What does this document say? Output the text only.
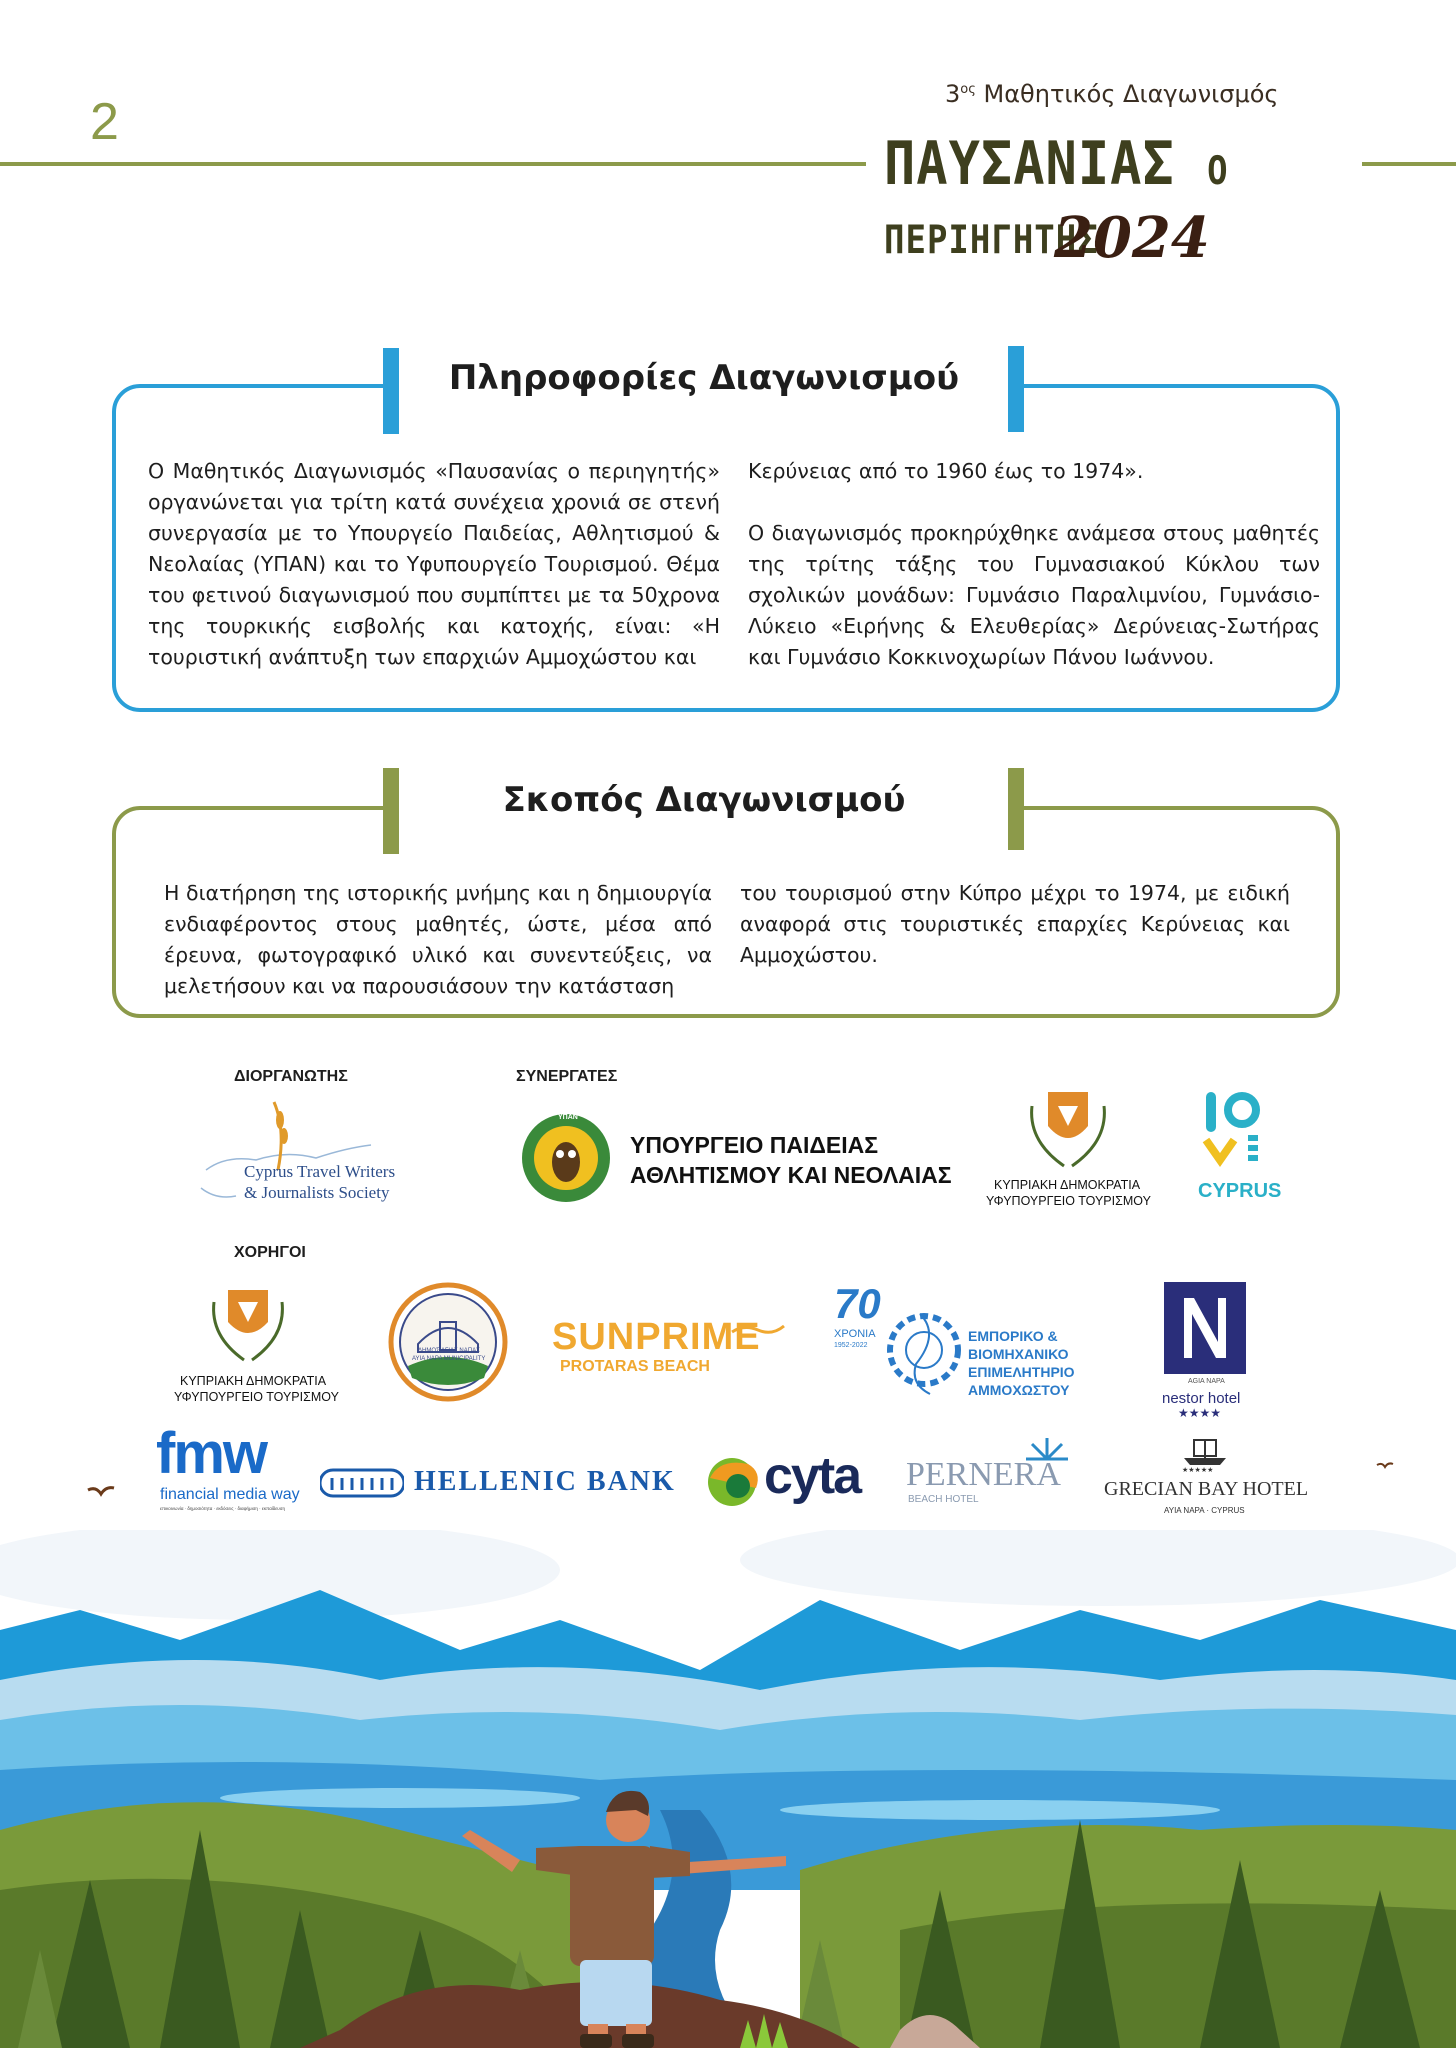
2	$3^{o\varsigma}$ Μαθητικός Διαγωνισμός
ΠΑΥΣΑΝΙΑΣ Ο ΠΕΡΙΗΓΗΤΗΣ
2024
Πληροφορίες Διαγωνισμού

Ο Μαθητικός Διαγωνισμός «Παυσανίας ο περιηγητής» οργανώνεται για τρίτη κατά συνέχεια χρονιά σε στενή συνεργασία με το Υπουργείο Παιδείας, Αθλητισμού & Νεολαίας (ΥΠΑΝ) και το Υφυπουργείο Τουρισμού. Θέμα του φετινού διαγωνισμού που συμπίπτει με τα 50χρονα της τουρκικής εισβολής και κατοχής, είναι: «Η τουριστική ανάπτυξη των επαρχιών Αμμοχώστου και

Κερύνειας από το 1960 έως το 1974».

Ο διαγωνισμός προκηρύχθηκε ανάμεσα στους μαθητές της τρίτης τάξης του Γυμνασιακού Κύκλου των σχολικών μονάδων: Γυμνάσιο Παραλιμνίου, Γυμνάσιο-Λύκειο «Ειρήνης & Ελευθερίας» Δερύνειας-Σωτήρας και Γυμνάσιο Κοκκινοχωρίων Πάνου Ιωάννου.

Σκοπός Διαγωνισμού

Η διατήρηση της ιστορικής μνήμης και η δημιουργία ενδιαφέροντος στους μαθητές, ώστε, μέσα από έρευνα, φωτογραφικό υλικό και συνεντεύξεις, να μελετήσουν και να παρουσιάσουν την κατάσταση

του τουρισμού στην Κύπρο μέχρι το 1974, με ειδική αναφορά στις τουριστικές επαρχίες Κερύνειας και Αμμοχώστου.

ΔΙΟΡΓΑΝΩΤΗΣ	ΣΥΝΕΡΓΑΤΕΣ
ΧΟΡΗΓΟΙ
Cyprus Travel Writers
& Journalists Society
ΥΠΑΝ
ΥΠΟΥΡΓΕΙΟ ΠΑΙΔΕΙΑΣ
ΑΘΛΗΤΙΣΜΟΥ ΚΑΙ ΝΕΟΛΑΙΑΣ	ΚΥΠΡΙΑΚΗ ΔΗΜΟΚΡΑΤΙΑ
ΥΦΥΠΟΥΡΓΕΙΟ ΤΟΥΡΙΣΜΟΥ CYPRUS
ΚΥΠΡΙΑΚΗ ΔΗΜΟΚΡΑΤΙΑ
ΥΦΥΠΟΥΡΓΕΙΟ ΤΟΥΡΙΣΜΟΥ
ΔΗΜΟΣ ΑΓΙΑΣ ΝΑΠΑΣ
AYIA NAPA MUNICIPALITY
SUNPRIME
PROTARAS BEACH
70
ΧΡΟΝΙΑ
1952-2022
ΕΜΠΟΡΙΚΟ &
ΒΙΟΜΗΧΑΝΙΚΟ
ΕΠΙΜΕΛΗΤΗΡΙΟ
ΑΜΜΟΧΩΣΤΟΥ
AGIA NAPA
nestor hotel
★★★★
fmw
financial media way
επικοινωνία · δημοσιότητα · εκδόσεις · διαφήμιση · εκπαίδευση
HELLENIC BANK cyta PERNERA
BEACH HOTEL
★★★★★
GRECIAN BAY HOTEL
AYIA NAPA · CYPRUS
